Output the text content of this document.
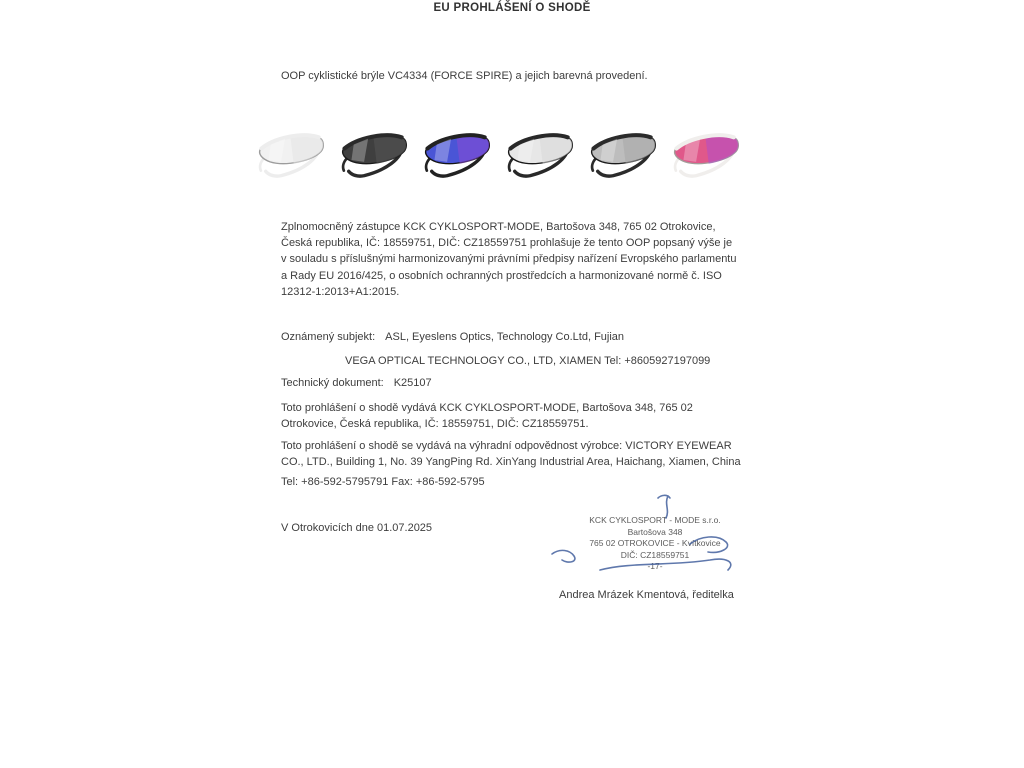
EU PROHLÁŠENÍ O SHODĚ
OOP cyklistické brýle VC4334 (FORCE SPIRE) a jejich barevná provedení.
Zplnomocněný zástupce KCK CYKLOSPORT-MODE, Bartošova 348, 765 02 Otrokovice, Česká republika, IČ: 18559751, DIČ: CZ18559751 prohlašuje že tento OOP popsaný výše je v souladu s příslušnými harmonizovanými právními předpisy nařízení Evropského parlamentu a Rady EU 2016/425, o osobních ochranných prostředcích a harmonizované normě č. ISO 12312-1:2013+A1:2015.
Oznámený subjekt: ASL, Eyeslens Optics, Technology Co.Ltd, Fujian
VEGA OPTICAL TECHNOLOGY CO., LTD, XIAMEN Tel: +8605927197099
Technický dokument: K25107
Toto prohlášení o shodě vydává KCK CYKLOSPORT-MODE, Bartošova 348, 765 02 Otrokovice, Česká republika, IČ: 18559751, DIČ: CZ18559751.
Toto prohlášení o shodě se vydává na výhradní odpovědnost výrobce: VICTORY EYEWEAR CO., LTD., Building 1, No. 39 YangPing Rd. XinYang Industrial Area, Haichang, Xiamen, China
Tel: +86-592-5795791 Fax: +86-592-5795
V Otrokovicích dne 01.07.2025
KCK CYKLOSPORT - MODE s.r.o.
Bartošova 348
765 02 OTROKOVICE - Kvítkovice
DIČ: CZ18559751
-17-
Andrea Mrázek Kmentová, ředitelka
